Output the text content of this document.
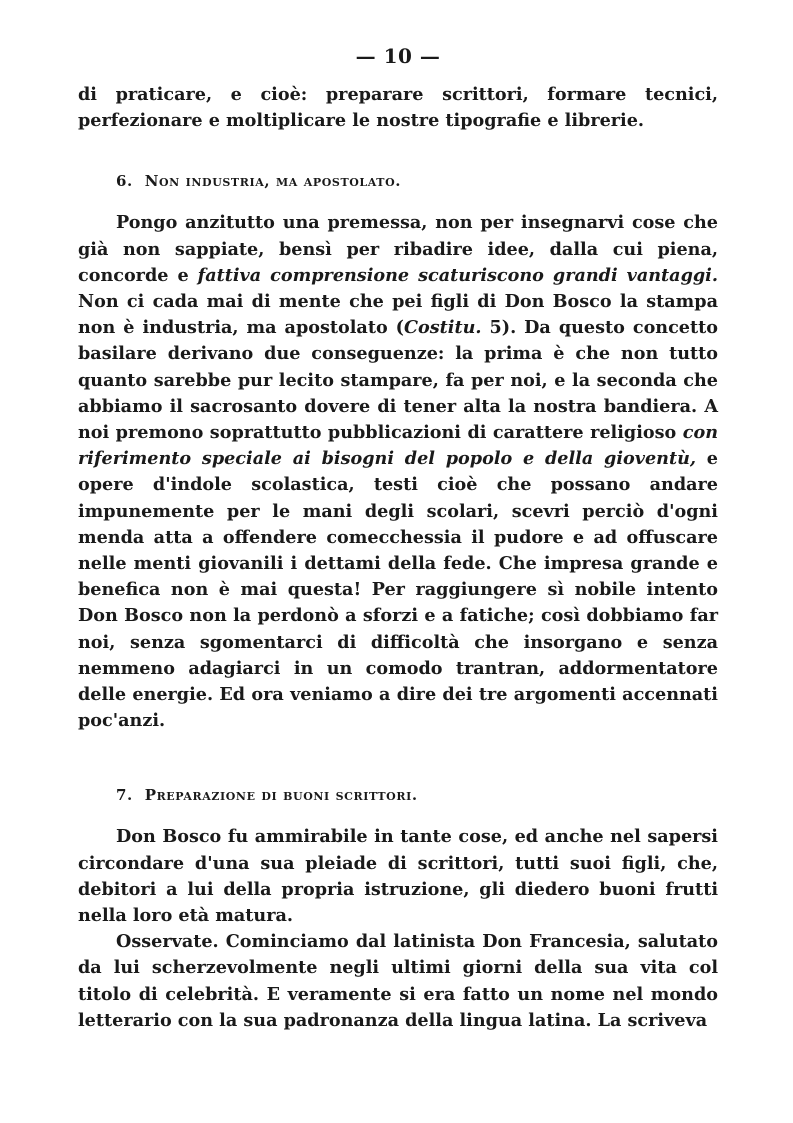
— 10 —

di praticare, e cioè: preparare scrittori, formare tecnici, perfezionare e moltiplicare le nostre tipografie e librerie.

6. Non industria, ma apostolato.

Pongo anzitutto una premessa, non per insegnarvi cose che già non sappiate, bensì per ribadire idee, dalla cui piena, concorde e fattiva comprensione scaturiscono grandi vantaggi. Non ci cada mai di mente che pei figli di Don Bosco la stampa non è industria, ma apostolato (Costitu. 5). Da questo concetto basilare derivano due conseguenze: la prima è che non tutto quanto sarebbe pur lecito stampare, fa per noi, e la seconda che abbiamo il sacrosanto dovere di tener alta la nostra bandiera. A noi premono soprattutto pubblicazioni di carattere religioso con riferimento speciale ai bisogni del popolo e della gioventù, e opere d'indole scolastica, testi cioè che possano andare impunemente per le mani degli scolari, scevri perciò d'ogni menda atta a offendere comecchessia il pudore e ad offuscare nelle menti giovanili i dettami della fede. Che impresa grande e benefica non è mai questa! Per raggiungere sì nobile intento Don Bosco non la perdonò a sforzi e a fatiche; così dobbiamo far noi, senza sgomentarci di difficoltà che insorgano e senza nemmeno adagiarci in un comodo trantran, addormentatore delle energie. Ed ora veniamo a dire dei tre argomenti accennati poc'anzi.

7. Preparazione di buoni scrittori.

Don Bosco fu ammirabile in tante cose, ed anche nel sapersi circondare d'una sua pleiade di scrittori, tutti suoi figli, che, debitori a lui della propria istruzione, gli diedero buoni frutti nella loro età matura.

Osservate. Cominciamo dal latinista Don Francesia, salutato da lui scherzevolmente negli ultimi giorni della sua vita col titolo di celebrità. E veramente si era fatto un nome nel mondo letterario con la sua padronanza della lingua latina. La scriveva
